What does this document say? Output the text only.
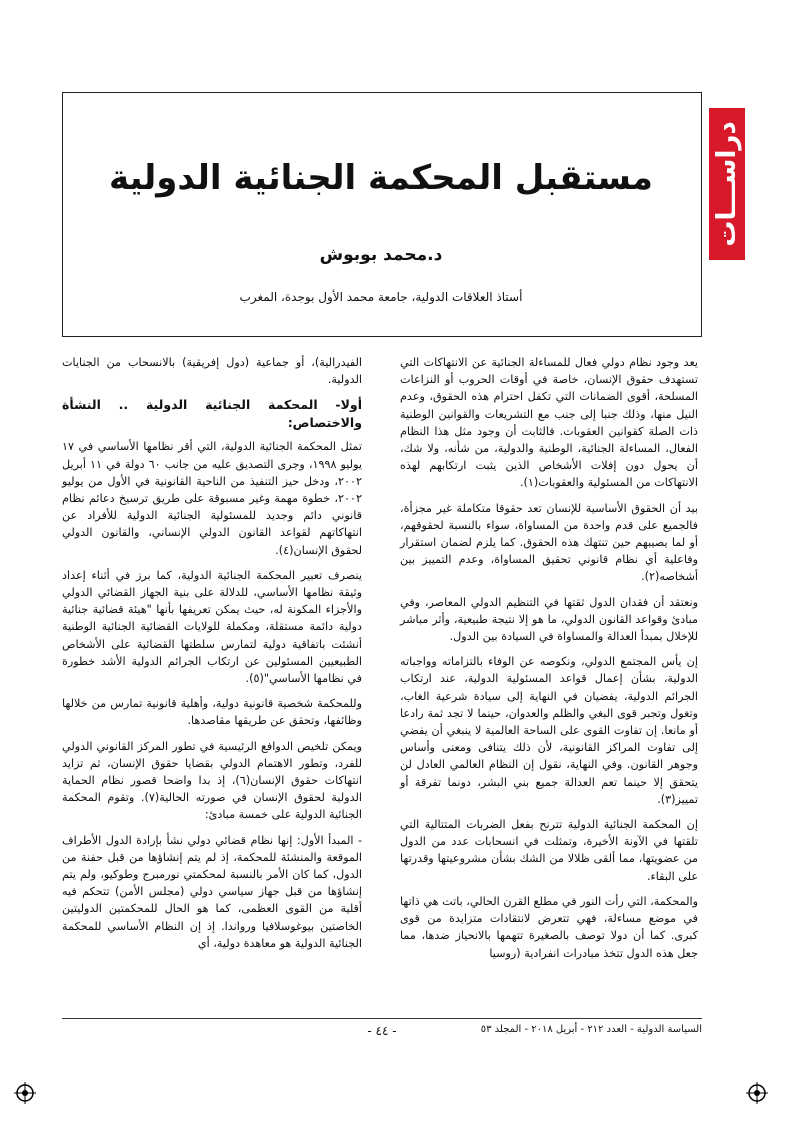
دراســـات
مستقبل المحكمة الجنائية الدولية
د.محمد بوبوش
أستاذ العلاقات الدولية، جامعة محمد الأول بوجدة، المغرب

يعد وجود نظام دولي فعال للمساءلة الجنائية عن الانتهاكات التي تستهدف حقوق الإنسان، خاصة في أوقات الحروب أو النزاعات المسلحة، أقوى الضمانات التي تكفل احترام هذه الحقوق، وعدم النيل منها، وذلك جنبا إلى جنب مع التشريعات والقوانين الوطنية ذات الصلة كقوانين العقوبات. فالثابت أن وجود مثل هذا النظام الفعال، المساءلة الجنائية، الوطنية والدولية، من شأنه، ولا شك، أن يحول دون إفلات الأشخاص الذين يثبت ارتكابهم لهذه الانتهاكات من المسئولية والعقوبات(١).

بيد أن الحقوق الأساسية للإنسان تعد حقوقا متكاملة غير مجزأة، فالجميع على قدم واحدة من المساواة، سواء بالنسبة لحقوقهم، أو لما يصيبهم حين تنتهك هذه الحقوق. كما يلزم لضمان استقرار وفاعلية أي نظام قانوني تحقيق المساواة، وعدم التمييز بين أشخاصه(٢).

ونعتقد أن فقدان الدول ثقتها في التنظيم الدولي المعاصر، وفي مبادئ وقواعد القانون الدولي، ما هو إلا نتيجة طبيعية، وأثر مباشر للإخلال بمبدأ العدالة والمساواة في السيادة بين الدول.

إن يأس المجتمع الدولي، ونكوصه عن الوفاء بالتزاماته وواجباته الدولية، بشأن إعمال قواعد المسئولية الدولية، عند ارتكاب الجرائم الدولية، يفضيان في النهاية إلى سيادة شرعية الغاب، وتغول وتجبر قوى البغي والظلم والعدوان، حينما لا تجد ثمة رادعا أو مانعا. إن تفاوت القوى على الساحة العالمية لا ينبغي أن يفضي إلى تفاوت المراكز القانونية، لأن ذلك يتنافى ومعنى وأساس وجوهر القانون. وفي النهاية، نقول إن النظام العالمي العادل لن يتحقق إلا حينما تعم العدالة جميع بني البشر، دونما تفرقة أو تمييز(٣).

إن المحكمة الجنائية الدولية تترنح بفعل الضربات المتتالية التي تلقتها في الآونة الأخيرة، وتمثلت في انسحابات عدد من الدول من عضويتها، مما ألقى ظلالا من الشك بشأن مشروعيتها وقدرتها على البقاء.

والمحكمة، التي رأت النور في مطلع القرن الحالي، باتت هي ذاتها في موضع مساءلة، فهي تتعرض لانتقادات متزايدة من قوى كبرى. كما أن دولا توصف بالصغيرة تتهمها بالانحياز ضدها، مما جعل هذه الدول تتخذ مبادرات انفرادية (روسيا

الفيدرالية)، أو جماعية (دول إفريقية) بالانسحاب من الجنايات الدولية.

أولا- المحكمة الجنائية الدولية .. النشأة والاختصاص:

تمثل المحكمة الجنائية الدولية، التي أقر نظامها الأساسي في ١٧ يوليو ١٩٩٨، وجرى التصديق عليه من جانب ٦٠ دولة في ١١ أبريل ٢٠٠٢، ودخل حيز التنفيذ من الناحية القانونية في الأول من يوليو ٢٠٠٢، خطوة مهمة وغير مسبوقة على طريق ترسيخ دعائم نظام قانوني دائم وجديد للمسئولية الجنائية الدولية للأفراد عن انتهاكاتهم لقواعد القانون الدولي الإنساني، والقانون الدولي لحقوق الإنسان(٤).

ينصرف تعبير المحكمة الجنائية الدولية، كما برز في أثناء إعداد وثيقة نظامها الأساسي، للدلالة على بنية الجهاز القضائي الدولي والأجزاء المكونة له، حيث يمكن تعريفها بأنها "هيئة قضائية جنائية دولية دائمة مستقلة، ومكملة للولايات القضائية الجنائية الوطنية أنشئت باتفاقية دولية لتمارس سلطتها القضائية على الأشخاص الطبيعيين المسئولين عن ارتكاب الجرائم الدولية الأشد خطورة في نظامها الأساسي"(٥).

وللمحكمة شخصية قانونية دولية، وأهلية قانونية تمارس من خلالها وظائفها، وتحقق عن طريقها مقاصدها.

ويمكن تلخيص الدوافع الرئيسية في تطور المركز القانوني الدولي للفرد، وتطور الاهتمام الدولي بقضايا حقوق الإنسان، ثم تزايد انتهاكات حقوق الإنسان(٦)، إذ بدا واضحا قصور نظام الحماية الدولية لحقوق الإنسان في صورته الحالية(٧). وتقوم المحكمة الجنائية الدولية على خمسة مبادئ:

- المبدأ الأول: إنها نظام قضائي دولي نشأ بإرادة الدول الأطراف الموقعة والمنشئة للمحكمة، إذ لم يتم إنشاؤها من قبل حفنة من الدول، كما كان الأمر بالنسبة لمحكمتي نورمبرج وطوكيو، ولم يتم إنشاؤها من قبل جهاز سياسي دولي (مجلس الأمن) تتحكم فيه أقلية من القوى العظمى، كما هو الحال للمحكمتين الدوليتين الخاصتين بيوغوسلافيا ورواندا. إذ إن النظام الأساسي للمحكمة الجنائية الدولية هو معاهدة دولية، أي

السياسة الدولية - العدد ٢١٢ - أبريل ٢٠١٨ - المجلد ٥٣
- ٤٤ -
